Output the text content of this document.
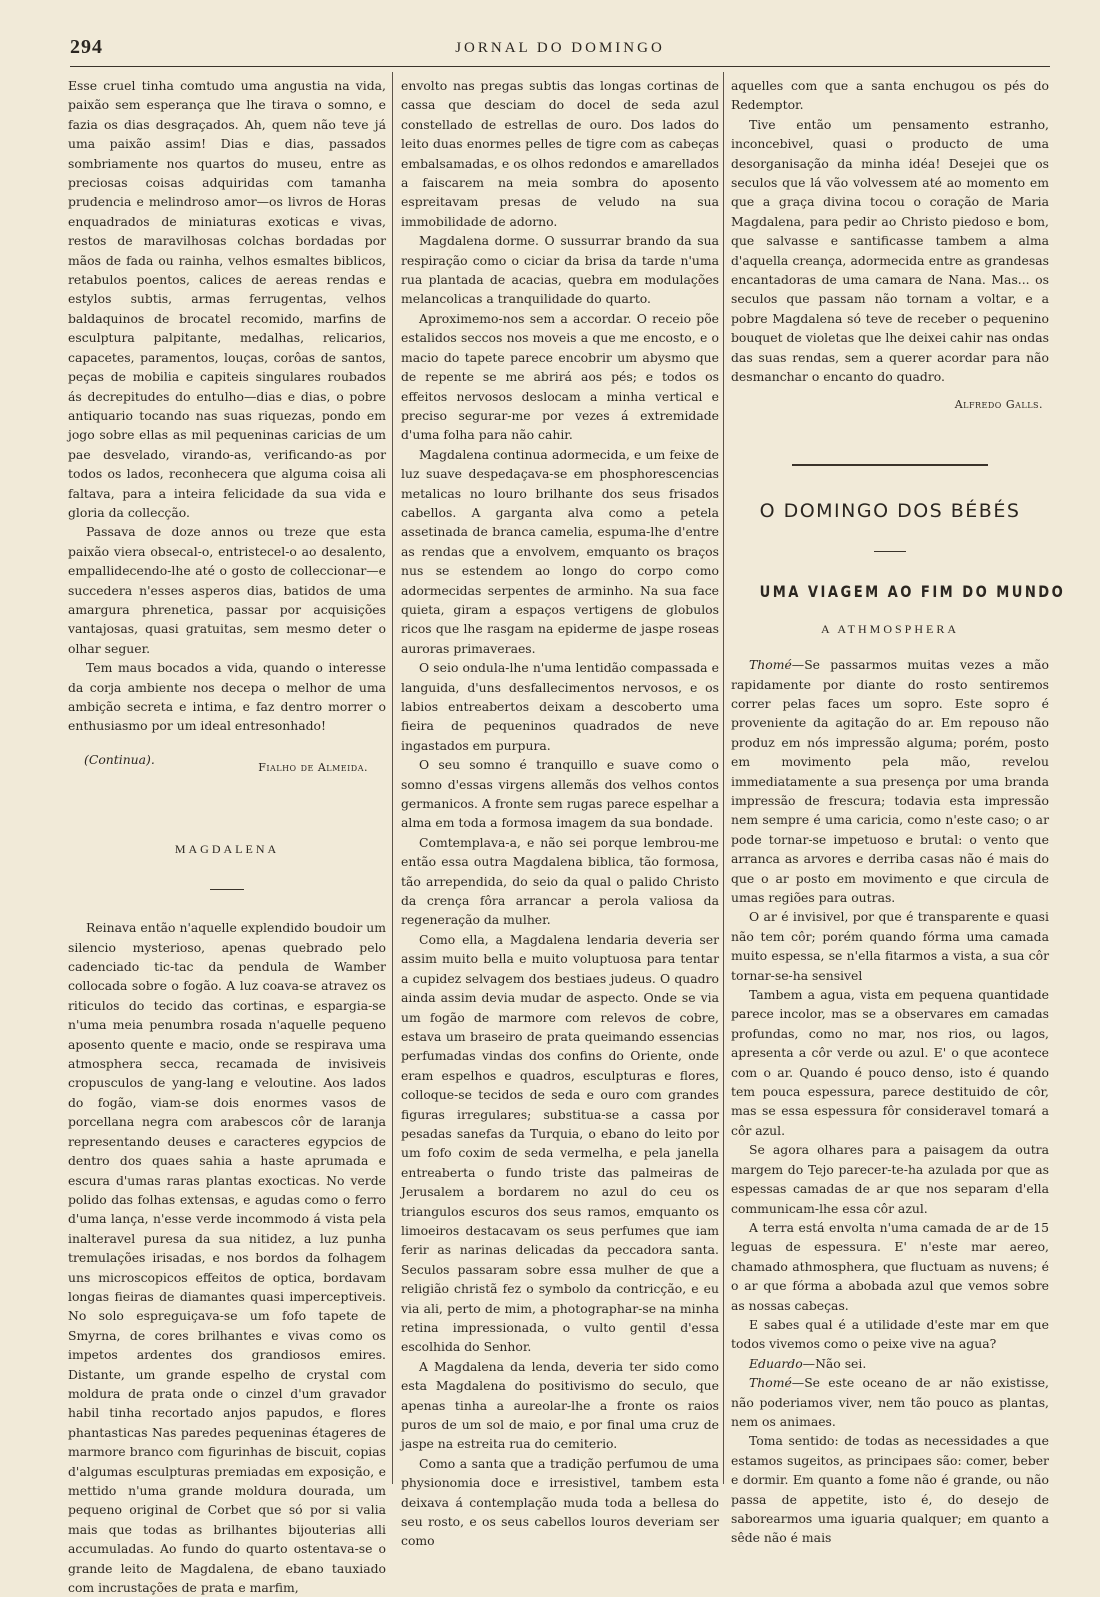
294	JORNAL DO DOMINGO

Esse cruel tinha comtudo uma angustia na vida, paixão sem esperança que lhe tirava o somno, e fazia os dias desgraçados. Ah, quem não teve já uma paixão assim! Dias e dias, passados sombriamente nos quartos do museu, entre as preciosas coisas adquiridas com tamanha prudencia e melindroso amor—os livros de Horas enquadrados de miniaturas exoticas e vivas, restos de maravilhosas colchas bordadas por mãos de fada ou rainha, velhos esmaltes biblicos, retabulos poentos, calices de aereas rendas e estylos subtis, armas ferrugentas, velhos baldaquinos de brocatel recomido, marfins de esculptura palpitante, medalhas, relicarios, capacetes, paramentos, louças, corôas de santos, peças de mobilia e capiteis singulares roubados ás decrepitudes do entulho—dias e dias, o pobre antiquario tocando nas suas riquezas, pondo em jogo sobre ellas as mil pequeninas caricias de um pae desvelado, virando-as, verificando-as por todos os lados, reconhecera que alguma coisa ali faltava, para a inteira felicidade da sua vida e gloria da collecção.

Passava de doze annos ou treze que esta paixão viera obsecal-o, entristecel-o ao desalento, empallidecendo-lhe até o gosto de colleccionar—e succedera n'esses asperos dias, batidos de uma amargura phrenetica, passar por acquisições vantajosas, quasi gratuitas, sem mesmo deter o olhar seguer.

Tem maus bocados a vida, quando o interesse da corja ambiente nos decepa o melhor de uma ambição secreta e intima, e faz dentro morrer o enthusiasmo por um ideal entresonhado!

(Continua).
Fialho de Almeida.
MAGDALENA

Reinava então n'aquelle explendido boudoir um silencio mysterioso, apenas quebrado pelo cadenciado tic-tac da pendula de Wamber collocada sobre o fogão. A luz coava-se atravez os riticulos do tecido das cortinas, e espargia-se n'uma meia penumbra rosada n'aquelle pequeno aposento quente e macio, onde se respirava uma atmosphera secca, recamada de invisiveis cropusculos de yang-lang e veloutine. Aos lados do fogão, viam-se dois enormes vasos de porcellana negra com arabescos côr de laranja representando deuses e caracteres egypcios de dentro dos quaes sahia a haste aprumada e escura d'umas raras plantas exocticas. No verde polido das folhas extensas, e agudas como o ferro d'uma lança, n'esse verde incommodo á vista pela inalteravel puresa da sua nitidez, a luz punha tremulações irisadas, e nos bordos da folhagem uns microscopicos effeitos de optica, bordavam longas fieiras de diamantes quasi imperceptiveis. No solo espreguiçava-se um fofo tapete de Smyrna, de cores brilhantes e vivas como os impetos ardentes dos grandiosos emires. Distante, um grande espelho de crystal com moldura de prata onde o cinzel d'um gravador habil tinha recortado anjos papudos, e flores phantasticas Nas paredes pequeninas étageres de marmore branco com figurinhas de biscuit, copias d'algumas esculpturas premiadas em exposição, e mettido n'uma grande moldura dourada, um pequeno original de Corbet que só por si valia mais que todas as brilhantes bijouterias alli accumuladas. Ao fundo do quarto ostentava-se o grande leito de Magdalena, de ebano tauxiado com incrustações de prata e marfim,

envolto nas pregas subtis das longas cortinas de cassa que desciam do docel de seda azul constellado de estrellas de ouro. Dos lados do leito duas enormes pelles de tigre com as cabeças embalsamadas, e os olhos redondos e amarellados a faiscarem na meia sombra do aposento espreitavam presas de veludo na sua immobilidade de adorno.

Magdalena dorme. O sussurrar brando da sua respiração como o ciciar da brisa da tarde n'uma rua plantada de acacias, quebra em modulações melancolicas a tranquilidade do quarto.

Aproximemo-nos sem a accordar. O receio põe estalidos seccos nos moveis a que me encosto, e o macio do tapete parece encobrir um abysmo que de repente se me abrirá aos pés; e todos os effeitos nervosos deslocam a minha vertical e preciso segurar-me por vezes á extremidade d'uma folha para não cahir.

Magdalena continua adormecida, e um feixe de luz suave despedaçava-se em phosphorescencias metalicas no louro brilhante dos seus frisados cabellos. A garganta alva como a petela assetinada de branca camelia, espuma-lhe d'entre as rendas que a envolvem, emquanto os braços nus se estendem ao longo do corpo como adormecidas serpentes de arminho. Na sua face quieta, giram a espaços vertigens de globulos ricos que lhe rasgam na epiderme de jaspe roseas auroras primaveraes.

O seio ondula-lhe n'uma lentidão compassada e languida, d'uns desfallecimentos nervosos, e os labios entreabertos deixam a descoberto uma fieira de pequeninos quadrados de neve ingastados em purpura.

O seu somno é tranquillo e suave como o somno d'essas virgens allemãs dos velhos contos germanicos. A fronte sem rugas parece espelhar a alma em toda a formosa imagem da sua bondade.

Comtemplava-a, e não sei porque lembrou-me então essa outra Magdalena biblica, tão formosa, tão arrependida, do seio da qual o palido Christo da crença fôra arrancar a perola valiosa da regeneração da mulher.

Como ella, a Magdalena lendaria deveria ser assim muito bella e muito voluptuosa para tentar a cupidez selvagem dos bestiaes judeus. O quadro ainda assim devia mudar de aspecto. Onde se via um fogão de marmore com relevos de cobre, estava um braseiro de prata queimando essencias perfumadas vindas dos confins do Oriente, onde eram espelhos e quadros, esculpturas e flores, colloque-se tecidos de seda e ouro com grandes figuras irregulares; substitua-se a cassa por pesadas sanefas da Turquia, o ebano do leito por um fofo coxim de seda vermelha, e pela janella entreaberta o fundo triste das palmeiras de Jerusalem a bordarem no azul do ceu os triangulos escuros dos seus ramos, emquanto os limoeiros destacavam os seus perfumes que iam ferir as narinas delicadas da peccadora santa. Seculos passaram sobre essa mulher de que a religião christã fez o symbolo da contricção, e eu via ali, perto de mim, a photographar-se na minha retina impressionada, o vulto gentil d'essa escolhida do Senhor.

A Magdalena da lenda, deveria ter sido como esta Magdalena do positivismo do seculo, que apenas tinha a aureolar-lhe a fronte os raios puros de um sol de maio, e por final uma cruz de jaspe na estreita rua do cemiterio.

Como a santa que a tradição perfumou de uma physionomia doce e irresistivel, tambem esta deixava á contemplação muda toda a bellesa do seu rosto, e os seus cabellos louros deveriam ser como

aquelles com que a santa enchugou os pés do Redemptor.

Tive então um pensamento estranho, inconcebivel, quasi o producto de uma desorganisação da minha idéa! Desejei que os seculos que lá vão volvessem até ao momento em que a graça divina tocou o coração de Maria Magdalena, para pedir ao Christo piedoso e bom, que salvasse e santificasse tambem a alma d'aquella creança, adormecida entre as grandesas encantadoras de uma camara de Nana. Mas... os seculos que passam não tornam a voltar, e a pobre Magdalena só teve de receber o pequenino bouquet de violetas que lhe deixei cahir nas ondas das suas rendas, sem a querer acordar para não desmanchar o encanto do quadro.

Alfredo Galls.
O DOMINGO DOS BÉBÉS
UMA VIAGEM AO FIM DO MUNDO
A ATHMOSPHERA

Thomé—Se passarmos muitas vezes a mão rapidamente por diante do rosto sentiremos correr pelas faces um sopro. Este sopro é proveniente da agitação do ar. Em repouso não produz em nós impressão alguma; porém, posto em movimento pela mão, revelou immediatamente a sua presença por uma branda impressão de frescura; todavia esta impressão nem sempre é uma caricia, como n'este caso; o ar pode tornar-se impetuoso e brutal: o vento que arranca as arvores e derriba casas não é mais do que o ar posto em movimento e que circula de umas regiões para outras.

O ar é invisivel, por que é transparente e quasi não tem côr; porém quando fórma uma camada muito espessa, se n'ella fitarmos a vista, a sua côr tornar-se-ha sensivel

Tambem a agua, vista em pequena quantidade parece incolor, mas se a observares em camadas profundas, como no mar, nos rios, ou lagos, apresenta a côr verde ou azul. E' o que acontece com o ar. Quando é pouco denso, isto é quando tem pouca espessura, parece destituido de côr, mas se essa espessura fôr consideravel tomará a côr azul.

Se agora olhares para a paisagem da outra margem do Tejo parecer-te-ha azulada por que as espessas camadas de ar que nos separam d'ella communicam-lhe essa côr azul.

A terra está envolta n'uma camada de ar de 15 leguas de espessura. E' n'este mar aereo, chamado athmosphera, que fluctuam as nuvens; é o ar que fórma a abobada azul que vemos sobre as nossas cabeças.

E sabes qual é a utilidade d'este mar em que todos vivemos como o peixe vive na agua?

Eduardo—Não sei.

Thomé—Se este oceano de ar não existisse, não poderiamos viver, nem tão pouco as plantas, nem os animaes.

Toma sentido: de todas as necessidades a que estamos sugeitos, as principaes são: comer, beber e dormir. Em quanto a fome não é grande, ou não passa de appetite, isto é, do desejo de saborearmos uma iguaria qualquer; em quanto a sêde não é mais
